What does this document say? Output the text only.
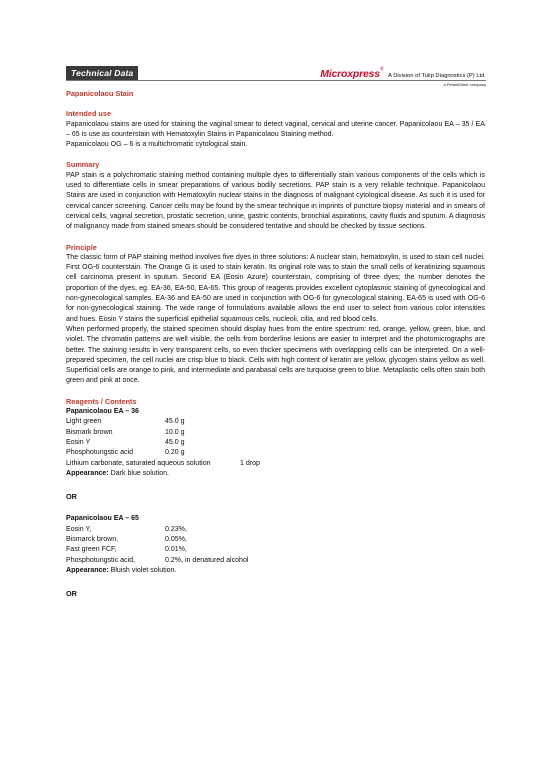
Technical Data	Microxpress® A Division of Tulip Diagnostics (P) Ltd.
a PerkinElmer company
Papanicolaou Stain
Intended use
Papanicolaou stains are used for staining the vaginal smear to detect vaginal, cervical and uterine cancer. Papanicolaou EA – 35 / EA – 65 is use as counterstain with Hematoxylin Stains in Papanicolaou Staining method.
Papanicolaou OG – 6 is a multichromatic cytological stain.
Summary
PAP stain is a polychromatic staining method containing multiple dyes to differentially stain various components of the cells which is used to differentiate cells in smear preparations of various bodily secretions. PAP stain is a very reliable technique. Papanicolaou Stains are used in conjunction with Hematoxylin nuclear stains in the diagnosis of malignant cytological disease. As such it is used for cervical cancer screening. Cancer cells may be found by the smear technique in imprints of puncture biopsy material and in smears of cervical cells, vaginal secretion, prostatic secretion, urine, gastric contents, bronchial aspirations, cavity fluids and sputum. A diagnosis of malignancy made from stained smears should be considered tentative and should be checked by tissue sections.
Principle
The classic form of PAP staining method involves five dyes in three solutions: A nuclear stain, hematoxylin, is used to stain cell nuclei. First OG-6 counterstain. The Orange G is used to stain keratin. Its original role was to stain the small cells of keratinizing squamous cell carcinoma present in sputum. Second EA (Eosin Azure) counterstain, comprising of three dyes; the number denotes the proportion of the dyes, eg. EA-36, EA-50, EA-65. This group of reagents provides excellent cytoplasmic staining of gynecological and non-gynecological samples. EA-36 and EA-50 are used in conjunction with OG-6 for gynecological staining. EA-65 is used with OG-6 for non-gynecological staining. The wide range of formulations available allows the end user to select from various color intensities and hues. Eosin Y stains the superficial epithelial squamous cells, nucleoli, cilia, and red blood cells.
When performed properly, the stained specimen should display hues from the entire spectrum: red, orange, yellow, green, blue, and violet. The chromatin patterns are well visible, the cells from borderline lesions are easier to interpret and the photomicrographs are better. The staining results in very transparent cells, so even thicker specimens with overlapping cells can be interpreted. On a well-prepared specimen, the cell nuclei are crisp blue to black. Cells with high content of keratin are yellow, glycogen stains yellow as well. Superficial cells are orange to pink, and intermediate and parabasal cells are turquoise green to blue. Metaplastic cells often stain both green and pink at once.
Reagents / Contents
Papanicolaou EA – 36
Light green	45.0 g
Bismark brown	10.0 g
Eosin Y	45.0 g
Phosphotungstic acid	0.20 g
Lithium carbonate, saturated aqueous solution	1 drop
Appearance: Dark blue solution.
OR
Papanicolaou EA – 65
Eosin Y,	0.23%,
Bismarck brown,	0.05%,
Fast green FCF,	0.01%,
Phosphotungstic acid,	0.2%, in denatured alcohol
Appearance: Bluish violet solution.
OR
